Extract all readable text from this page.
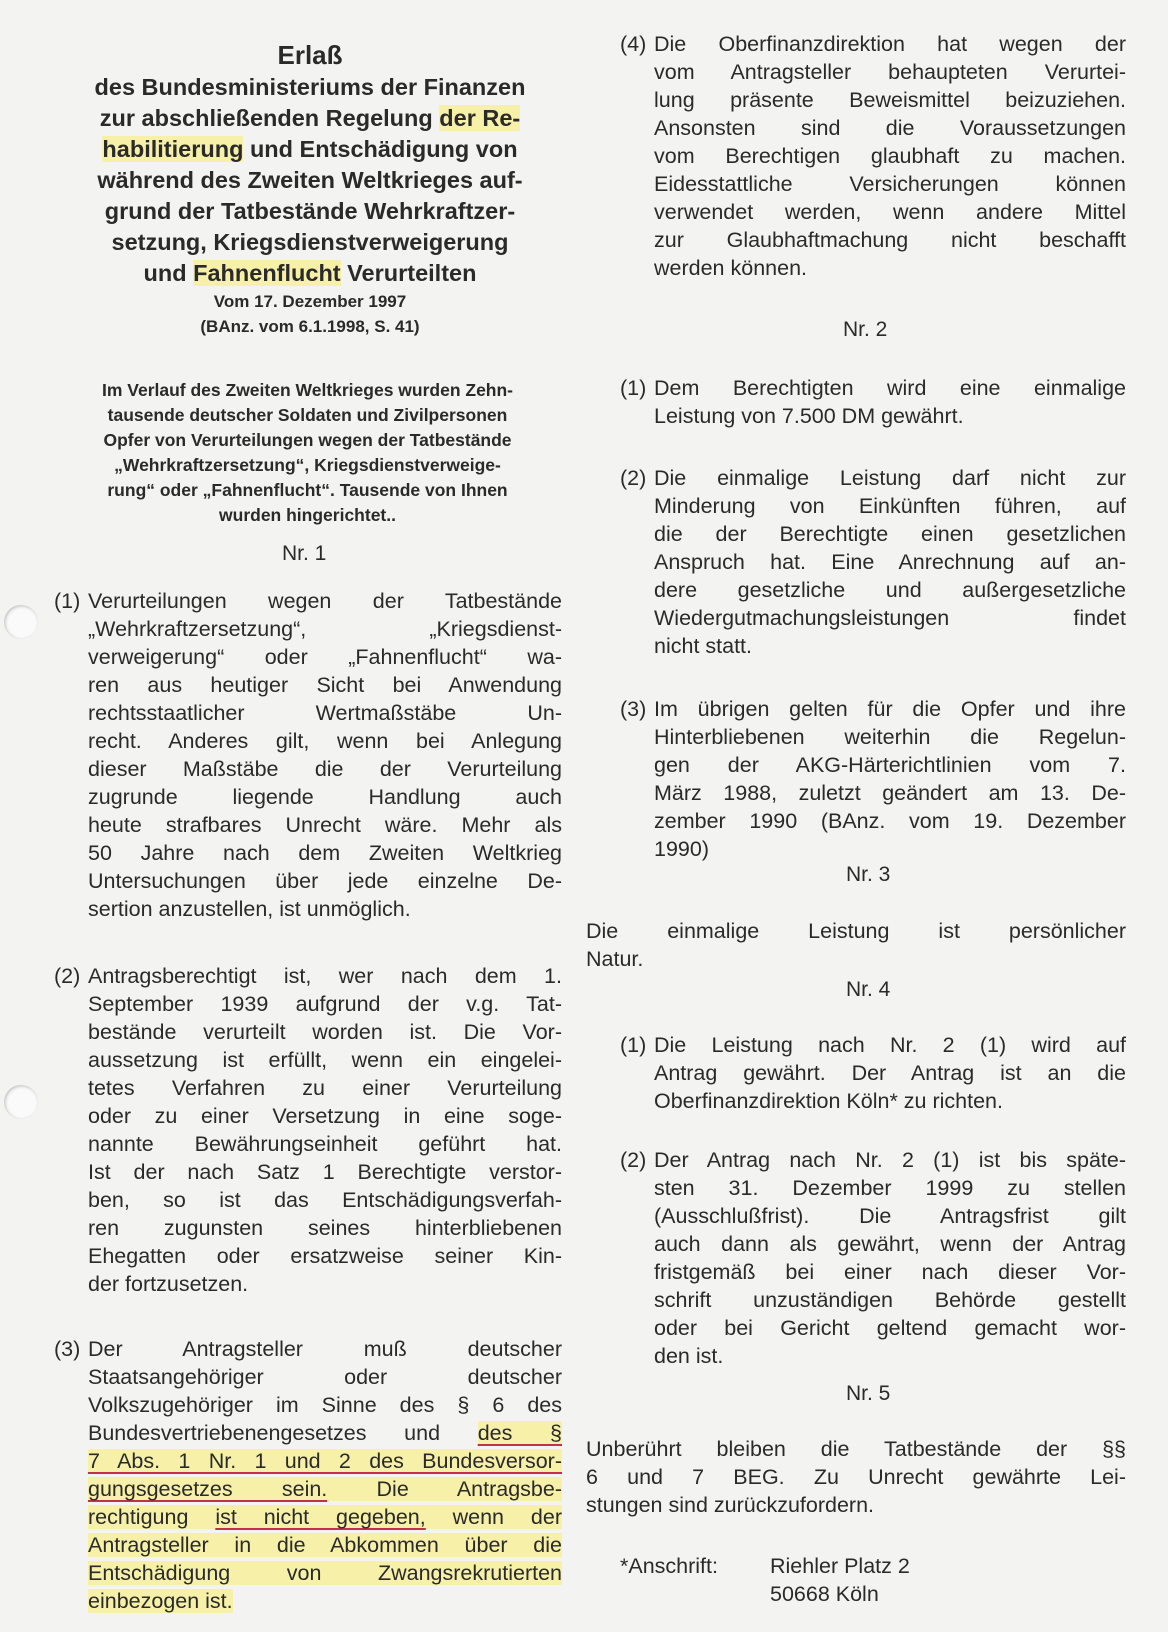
Erlaß
des Bundesministeriums der Finanzen
zur abschließenden Regelung der Re-
habilitierung und Entschädigung von
während des Zweiten Weltkrieges auf-
grund der Tatbestände Wehrkraftzer-
setzung, Kriegsdienstverweigerung
und Fahnenflucht Verurteilten
Vom 17. Dezember 1997
(BAnz. vom 6.1.1998, S. 41)
Im Verlauf des Zweiten Weltkrieges wurden Zehn-
tausende deutscher Soldaten und Zivilpersonen
Opfer von Verurteilungen wegen der Tatbestände
„Wehrkraftzersetzung“, Kriegsdienstverweige-
rung“ oder „Fahnenflucht“. Tausende von Ihnen
wurden hingerichtet..
Nr. 1
(1) Verurteilungen wegen der Tatbestände
„Wehrkraftzersetzung“, „Kriegsdienst-
verweigerung“ oder „Fahnenflucht“ wa-
ren aus heutiger Sicht bei Anwendung
rechtsstaatlicher Wertmaßstäbe Un-
recht. Anderes gilt, wenn bei Anlegung
dieser Maßstäbe die der Verurteilung
zugrunde liegende Handlung auch
heute strafbares Unrecht wäre. Mehr als
50 Jahre nach dem Zweiten Weltkrieg
Untersuchungen über jede einzelne De-
sertion anzustellen, ist unmöglich.
(2) Antragsberechtigt ist, wer nach dem 1.
September 1939 aufgrund der v.g. Tat-
bestände verurteilt worden ist. Die Vor-
aussetzung ist erfüllt, wenn ein eingelei-
tetes Verfahren zu einer Verurteilung
oder zu einer Versetzung in eine soge-
nannte Bewährungseinheit geführt hat.
Ist der nach Satz 1 Berechtigte verstor-
ben, so ist das Entschädigungsverfah-
ren zugunsten seines hinterbliebenen
Ehegatten oder ersatzweise seiner Kin-
der fortzusetzen.
(3) Der Antragsteller muß deutscher
Staatsangehöriger oder deutscher
Volkszugehöriger im Sinne des § 6 des
Bundesvertriebenengesetzes und des §
7 Abs. 1 Nr. 1 und 2 des Bundesversor-
gungsgesetzes sein. Die Antragsbe-
rechtigung ist nicht gegeben, wenn der
Antragsteller in die Abkommen über die
Entschädigung von Zwangsrekrutierten
einbezogen ist.
(4) Die Oberfinanzdirektion hat wegen der
vom Antragsteller behaupteten Verurtei-
lung präsente Beweismittel beizuziehen.
Ansonsten sind die Voraussetzungen
vom Berechtigen glaubhaft zu machen.
Eidesstattliche Versicherungen können
verwendet werden, wenn andere Mittel
zur Glaubhaftmachung nicht beschafft
werden können.
Nr. 2
(1) Dem Berechtigten wird eine einmalige
Leistung von 7.500 DM gewährt.
(2) Die einmalige Leistung darf nicht zur
Minderung von Einkünften führen, auf
die der Berechtigte einen gesetzlichen
Anspruch hat. Eine Anrechnung auf an-
dere gesetzliche und außergesetzliche
Wiedergutmachungsleistungen findet
nicht statt.
(3) Im übrigen gelten für die Opfer und ihre
Hinterbliebenen weiterhin die Regelun-
gen der AKG-Härterichtlinien vom 7.
März 1988, zuletzt geändert am 13. De-
zember 1990 (BAnz. vom 19. Dezember
1990)
Nr. 3
Die einmalige Leistung ist persönlicher
Natur.
Nr. 4
(1) Die Leistung nach Nr. 2 (1) wird auf
Antrag gewährt. Der Antrag ist an die
Oberfinanzdirektion Köln* zu richten.
(2) Der Antrag nach Nr. 2 (1) ist bis späte-
sten 31. Dezember 1999 zu stellen
(Ausschlußfrist). Die Antragsfrist gilt
auch dann als gewährt, wenn der Antrag
fristgemäß bei einer nach dieser Vor-
schrift unzuständigen Behörde gestellt
oder bei Gericht geltend gemacht wor-
den ist.
Nr. 5
Unberührt bleiben die Tatbestände der §§
6 und 7 BEG. Zu Unrecht gewährte Lei-
stungen sind zurückzufordern.
*Anschrift: Riehler Platz 2
50668 Köln
